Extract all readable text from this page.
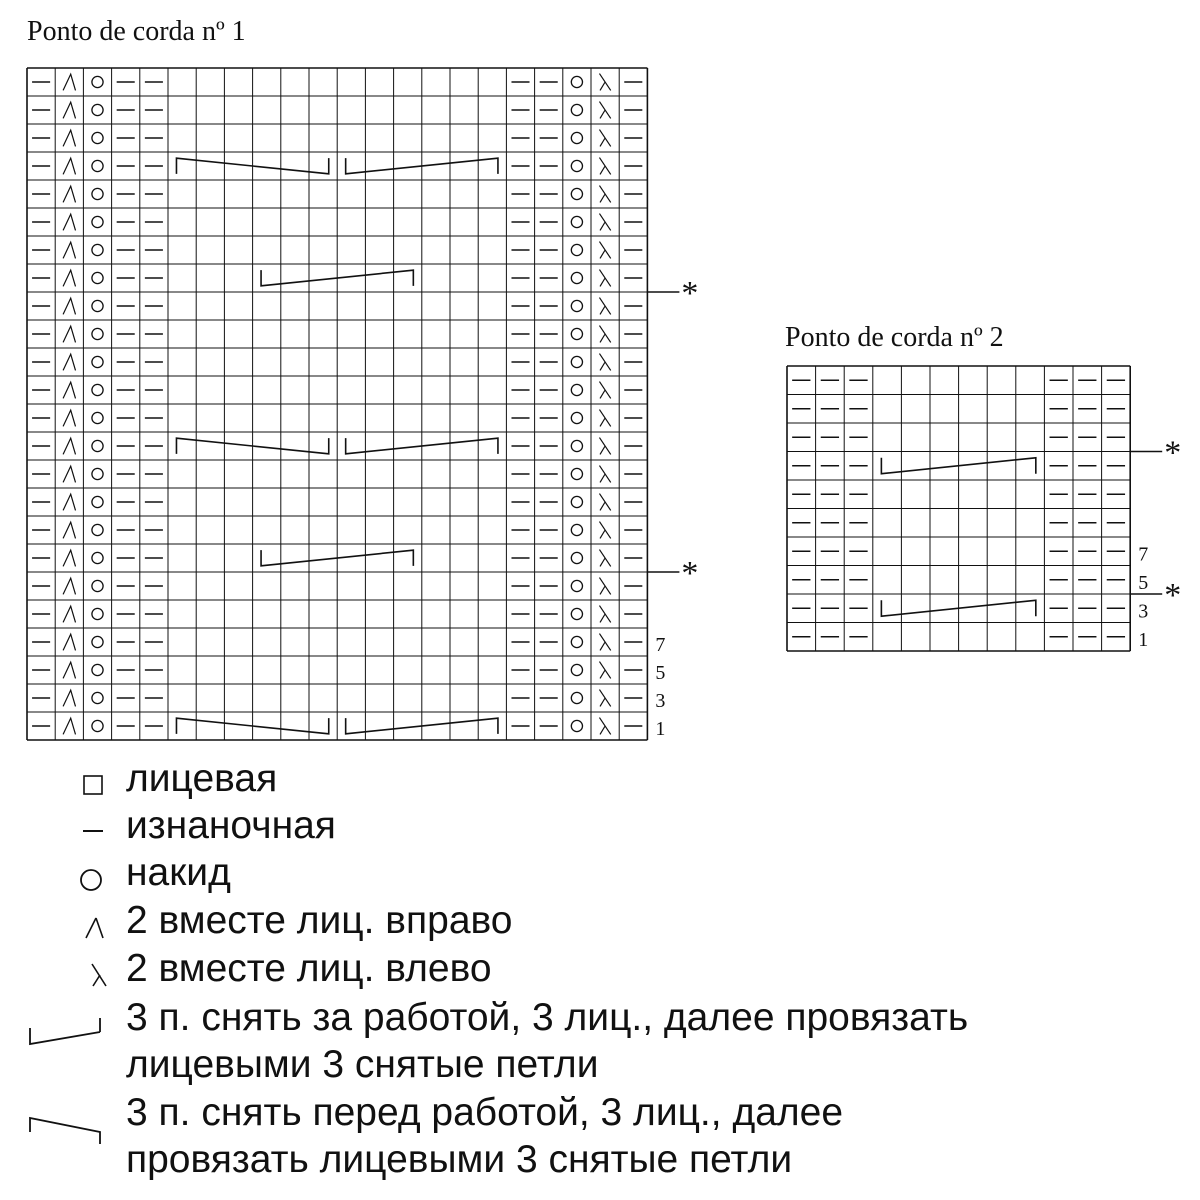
Ponto de corda nº 1
Ponto de corda nº 2
*
*
7
5
3
1
*
*
7
5
3
1
лицевая
изнаночная
накид
2 вместе лиц. вправо
2 вместе лиц. влево
3 п. снять за работой, 3 лиц., далее провязать
лицевыми 3 снятые петли
3 п. снять перед работой, 3 лиц., далее
провязать лицевыми 3 снятые петли
